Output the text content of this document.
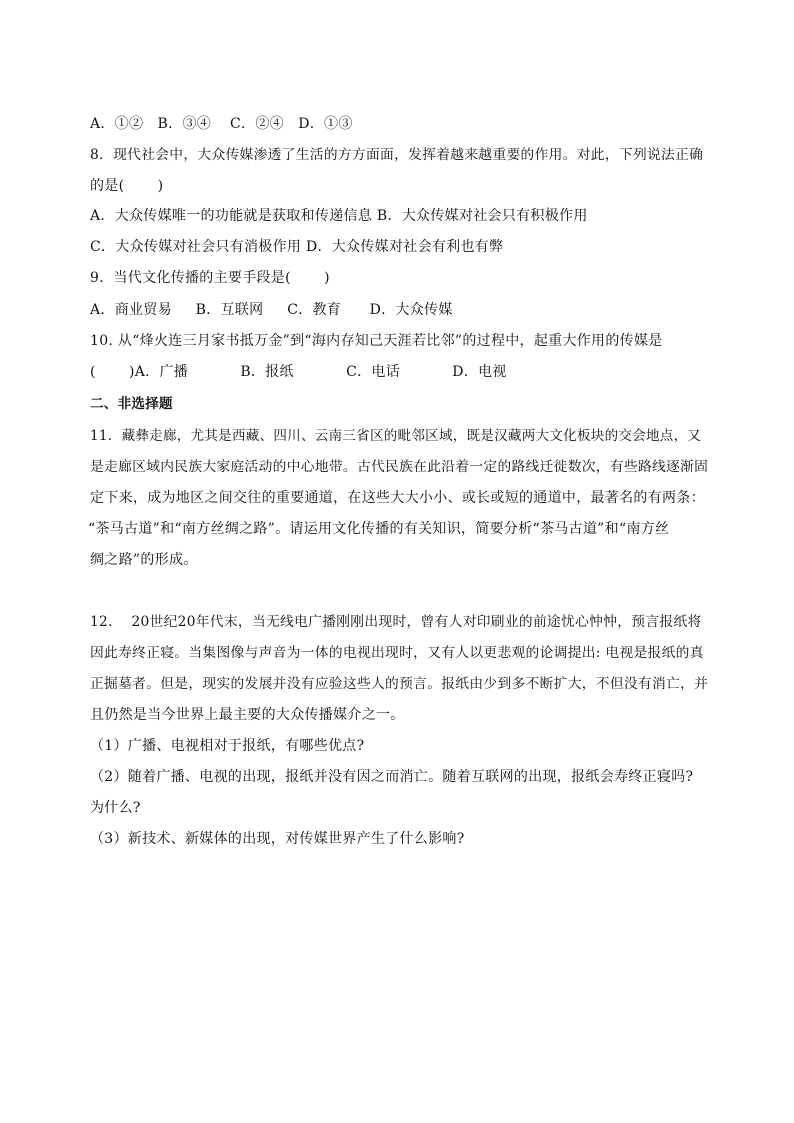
A．①②   B．③④    C．②④   D．①③
8．现代社会中，大众传媒渗透了生活的方方面面，发挥着越来越重要的作用。对此，下列说法正确
的是(       )
A．大众传媒唯一的功能就是获取和传递信息 B．大众传媒对社会只有积极作用
C．大众传媒对社会只有消极作用 D．大众传媒对社会有利也有弊
9．当代文化传播的主要手段是(       )
A．商业贸易     B．互联网     C．教育      D．大众传媒
10. 从“烽火连三月家书抵万金”到“海内存知己天涯若比邻”的过程中，起重大作用的传媒是
(       )A．广播           B．报纸           C．电话           D．电视
二、非选择题
11．藏彝走廊，尤其是西藏、四川、云南三省区的毗邻区域，既是汉藏两大文化板块的交会地点，又
是走廊区域内民族大家庭活动的中心地带。古代民族在此沿着一定的路线迁徙数次，有些路线逐渐固
定下来，成为地区之间交往的重要通道，在这些大大小小、或长或短的通道中，最著名的有两条：
“茶马古道”和“南方丝绸之路”。请运用文化传播的有关知识，简要分析“茶马古道”和“南方丝
绸之路”的形成。
12.    20世纪20年代末，当无线电广播刚刚出现时，曾有人对印刷业的前途忧心忡忡，预言报纸将
因此寿终正寝。当集图像与声音为一体的电视出现时，又有人以更悲观的论调提出: 电视是报纸的真
正掘墓者。但是，现实的发展并没有应验这些人的预言。报纸由少到多不断扩大，不但没有消亡，并
且仍然是当今世界上最主要的大众传播媒介之一。
（1）广播、电视相对于报纸，有哪些优点?
（2）随着广播、电视的出现，报纸并没有因之而消亡。随着互联网的出现，报纸会寿终正寝吗?
为什么?
（3）新技术、新媒体的出现，对传媒世界产生了什么影响?
